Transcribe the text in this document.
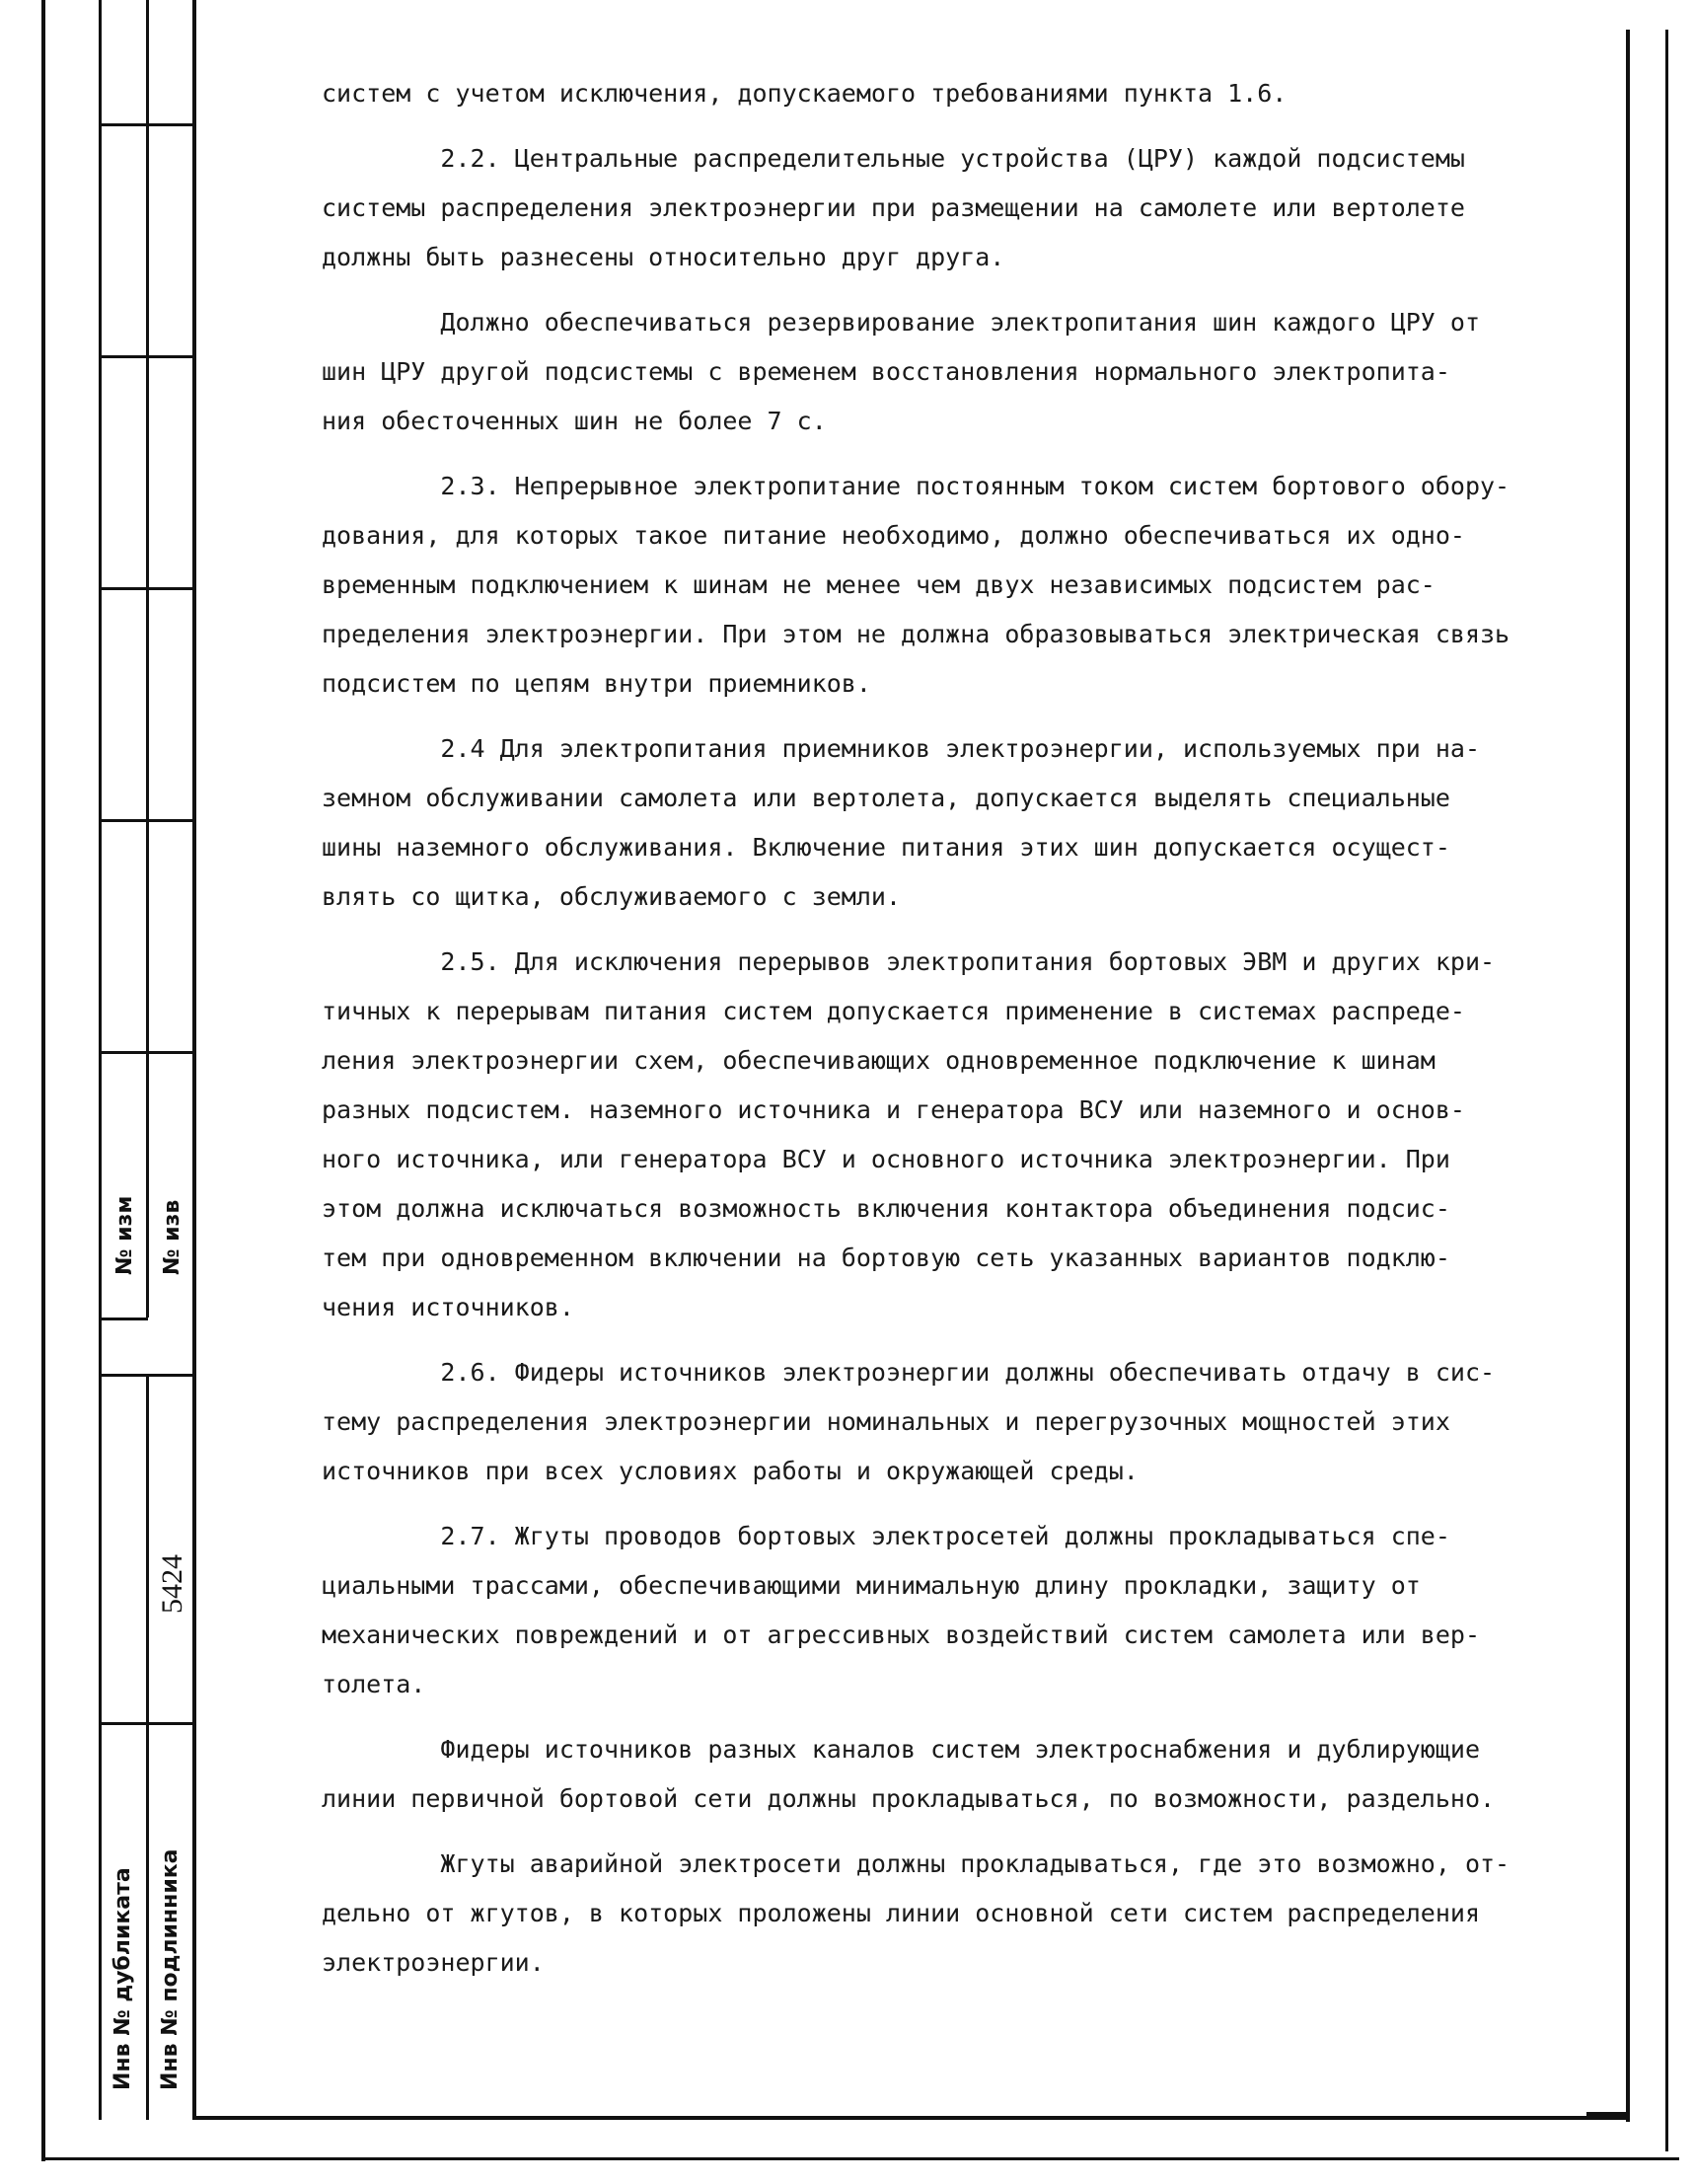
№ изм № изв
5424
Инв № дубликата Инв № подлинника
систем с учетом исключения, допускаемого требованиями пункта 1.6.
2.2. Центральные распределительные устройства (ЦРУ) каждой подсистемы
системы распределения электроэнергии при размещении на самолете или вертолете
должны быть разнесены относительно друг друга.
Должно обеспечиваться резервирование электропитания шин каждого ЦРУ от
шин ЦРУ другой подсистемы с временем восстановления нормального электропита-
ния обесточенных шин не более 7 с.
2.3. Непрерывное электропитание постоянным током систем бортового обору-
дования, для которых такое питание необходимо, должно обеспечиваться их одно-
временным подключением к шинам не менее чем двух независимых подсистем рас-
пределения электроэнергии. При этом не должна образовываться электрическая связь
подсистем по цепям внутри приемников.
2.4 Для электропитания приемников электроэнергии, используемых при на-
земном обслуживании самолета или вертолета, допускается выделять специальные
шины наземного обслуживания. Включение питания этих шин допускается осущест-
влять со щитка, обслуживаемого с земли.
2.5. Для исключения перерывов электропитания бортовых ЭВМ и других кри-
тичных к перерывам питания систем допускается применение в системах распреде-
ления электроэнергии схем, обеспечивающих одновременное подключение к шинам
разных подсистем. наземного источника и генератора ВСУ или наземного и основ-
ного источника, или генератора ВСУ и основного источника электроэнергии. При
этом должна исключаться возможность включения контактора объединения подсис-
тем при одновременном включении на бортовую сеть указанных вариантов подклю-
чения источников.
2.6. Фидеры источников электроэнергии должны обеспечивать отдачу в сис-
тему распределения электроэнергии номинальных и перегрузочных мощностей этих
источников при всех условиях работы и окружающей среды.
2.7. Жгуты проводов бортовых электросетей должны прокладываться спе-
циальными трассами, обеспечивающими минимальную длину прокладки, защиту от
механических повреждений и от агрессивных воздействий систем самолета или вер-
толета.
Фидеры источников разных каналов систем электроснабжения и дублирующие
линии первичной бортовой сети должны прокладываться, по возможности, раздельно.
Жгуты аварийной электросети должны прокладываться, где это возможно, от-
дельно от жгутов, в которых проложены линии основной сети систем распределения
электроэнергии.
